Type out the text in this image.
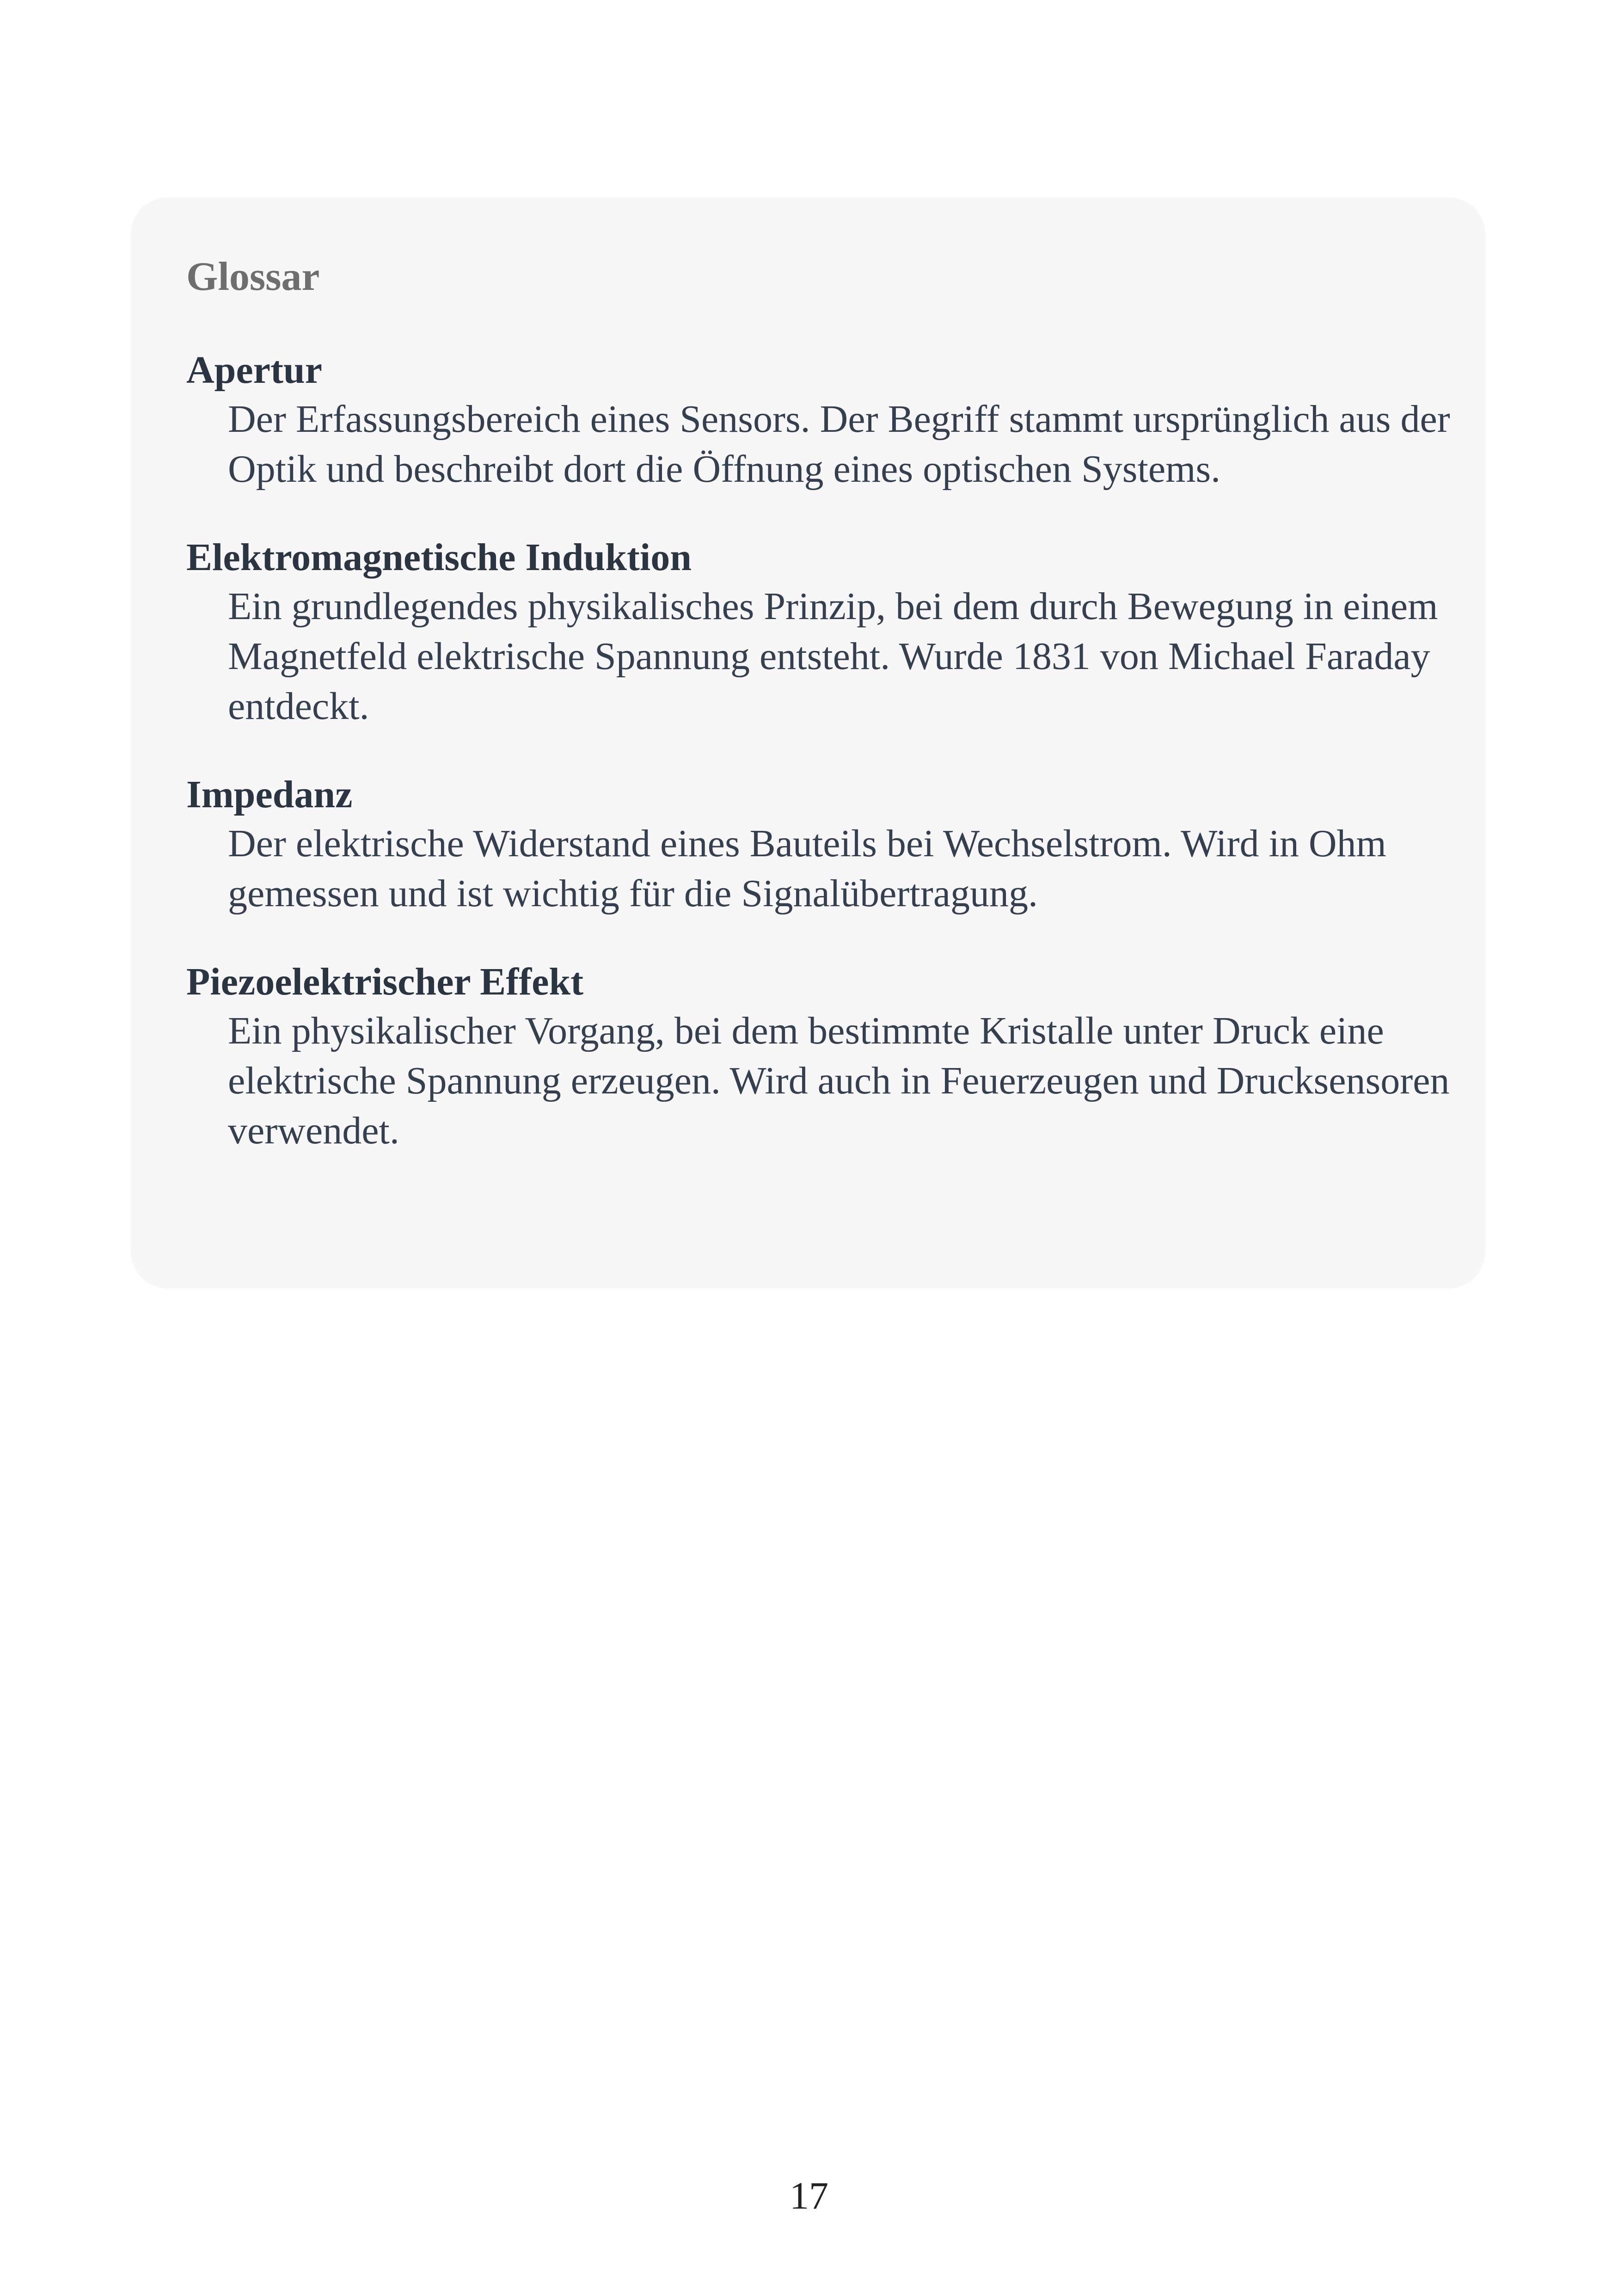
Glossar
Apertur
Der Erfassungsbereich eines Sensors. Der Begriff stammt ursprünglich aus der Optik und beschreibt dort die Öffnung eines optischen Systems.
Elektromagnetische Induktion
Ein grundlegendes physikalisches Prinzip, bei dem durch Bewegung in einem Magnetfeld elektrische Spannung entsteht. Wurde 1831 von Michael Faraday entdeckt.
Impedanz
Der elektrische Widerstand eines Bauteils bei Wechselstrom. Wird in Ohm gemessen und ist wichtig für die Signalübertragung.
Piezoelektrischer Effekt
Ein physikalischer Vorgang, bei dem bestimmte Kristalle unter Druck eine elektrische Spannung erzeugen. Wird auch in Feuerzeugen und Drucksensoren verwendet.
17
